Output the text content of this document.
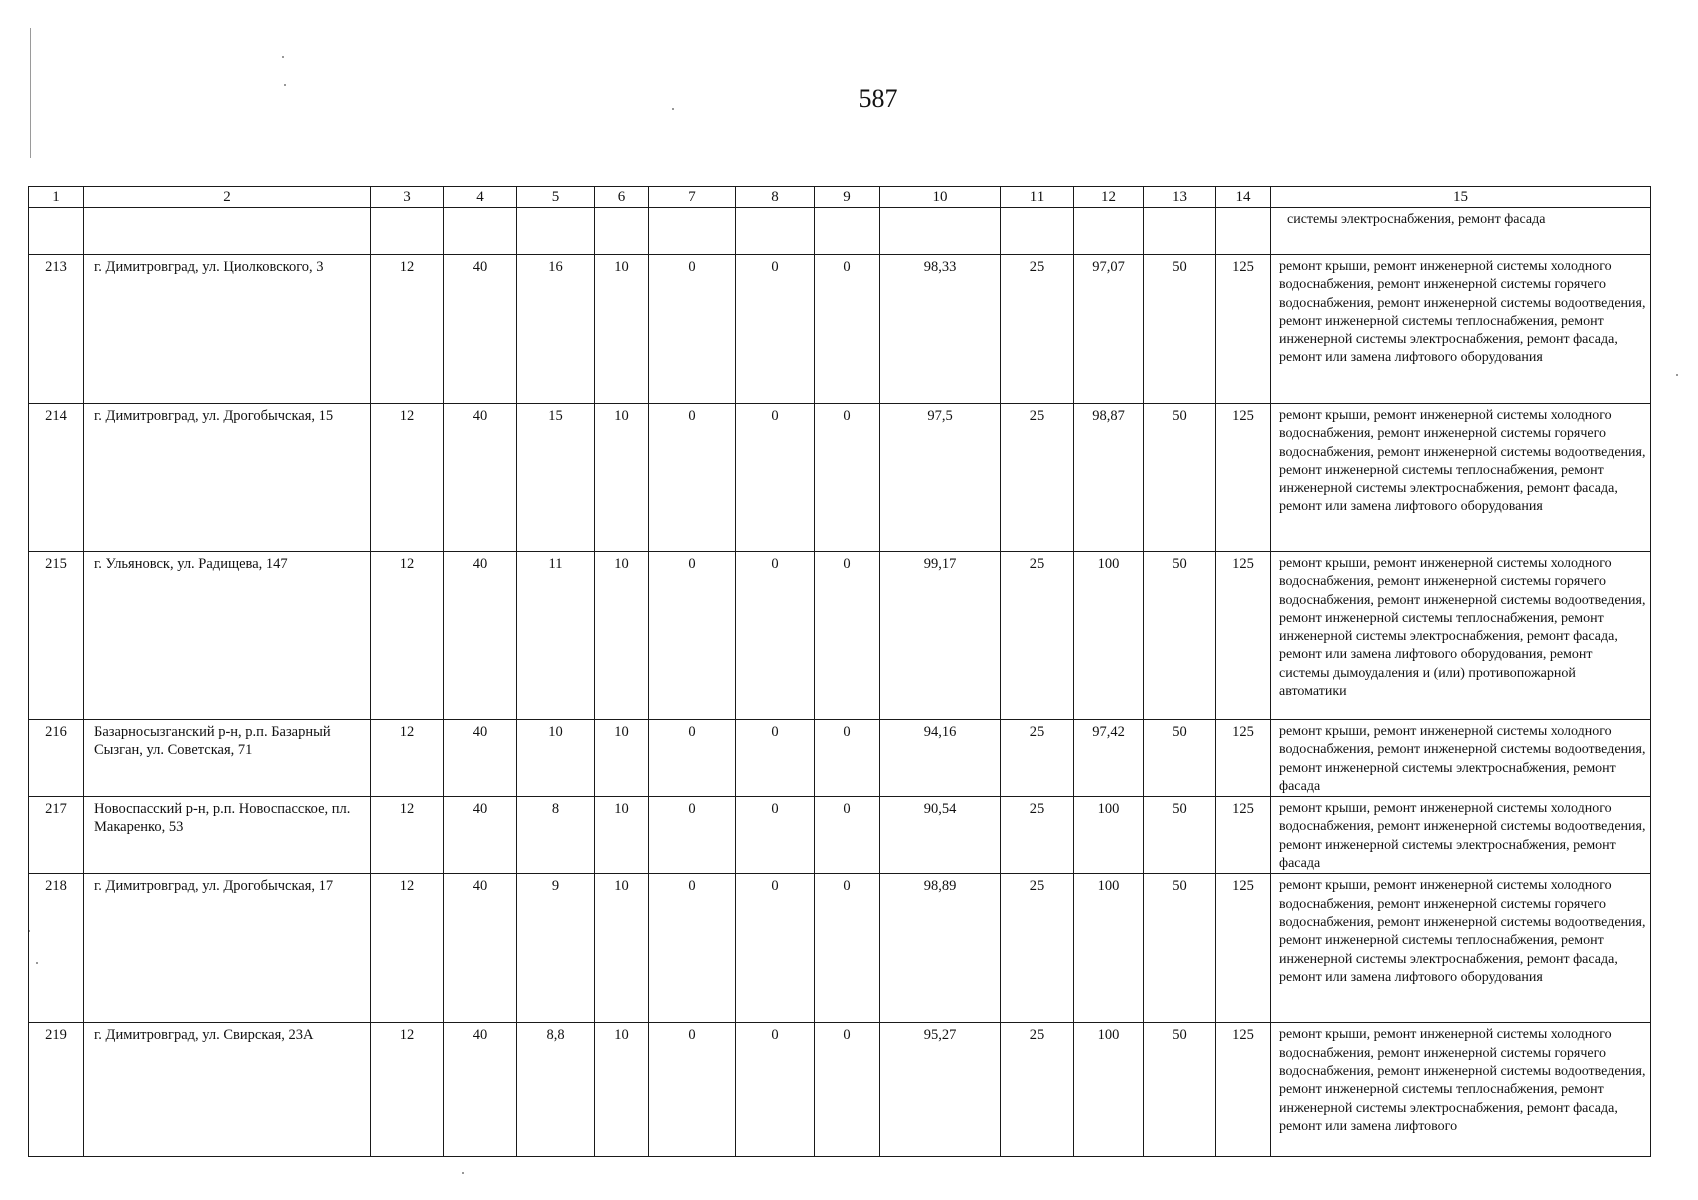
587
1	2	3	4	5	6	7	8	9	10	11	12	13	14	15
														системы электроснабжения, ремонт фасада
213	г. Димитровград, ул. Циолковского, 3	12	40	16	10	0	0	0	98,33	25	97,07	50	125	ремонт крыши, ремонт инженерной системы холодного водоснабжения, ремонт инженерной системы горячего водоснабжения, ремонт инженерной системы водоотведения, ремонт инженерной системы теплоснабжения, ремонт инженерной системы электроснабжения, ремонт фасада, ремонт или замена лифтового оборудования
214	г. Димитровград, ул. Дрогобычская, 15	12	40	15	10	0	0	0	97,5	25	98,87	50	125	ремонт крыши, ремонт инженерной системы холодного водоснабжения, ремонт инженерной системы горячего водоснабжения, ремонт инженерной системы водоотведения, ремонт инженерной системы теплоснабжения, ремонт инженерной системы электроснабжения, ремонт фасада, ремонт или замена лифтового оборудования
215	г. Ульяновск, ул. Радищева, 147	12	40	11	10	0	0	0	99,17	25	100	50	125	ремонт крыши, ремонт инженерной системы холодного водоснабжения, ремонт инженерной системы горячего водоснабжения, ремонт инженерной системы водоотведения, ремонт инженерной системы теплоснабжения, ремонт инженерной системы электроснабжения, ремонт фасада, ремонт или замена лифтового оборудования, ремонт системы дымоудаления и (или) противопожарной автоматики
216	Базарносызганский р-н, р.п. Базарный Сызган, ул. Советская, 71	12	40	10	10	0	0	0	94,16	25	97,42	50	125	ремонт крыши, ремонт инженерной системы холодного водоснабжения, ремонт инженерной системы водоотведения, ремонт инженерной системы электроснабжения, ремонт фасада
217	Новоспасский р-н, р.п. Новоспасское, пл. Макаренко, 53	12	40	8	10	0	0	0	90,54	25	100	50	125	ремонт крыши, ремонт инженерной системы холодного водоснабжения, ремонт инженерной системы водоотведения, ремонт инженерной системы электроснабжения, ремонт фасада
218	г. Димитровград, ул. Дрогобычская, 17	12	40	9	10	0	0	0	98,89	25	100	50	125	ремонт крыши, ремонт инженерной системы холодного водоснабжения, ремонт инженерной системы горячего водоснабжения, ремонт инженерной системы водоотведения, ремонт инженерной системы теплоснабжения, ремонт инженерной системы электроснабжения, ремонт фасада, ремонт или замена лифтового оборудования
219	г. Димитровград, ул. Свирская, 23А	12	40	8,8	10	0	0	0	95,27	25	100	50	125	ремонт крыши, ремонт инженерной системы холодного водоснабжения, ремонт инженерной системы горячего водоснабжения, ремонт инженерной системы водоотведения, ремонт инженерной системы теплоснабжения, ремонт инженерной системы электроснабжения, ремонт фасада, ремонт или замена лифтового
